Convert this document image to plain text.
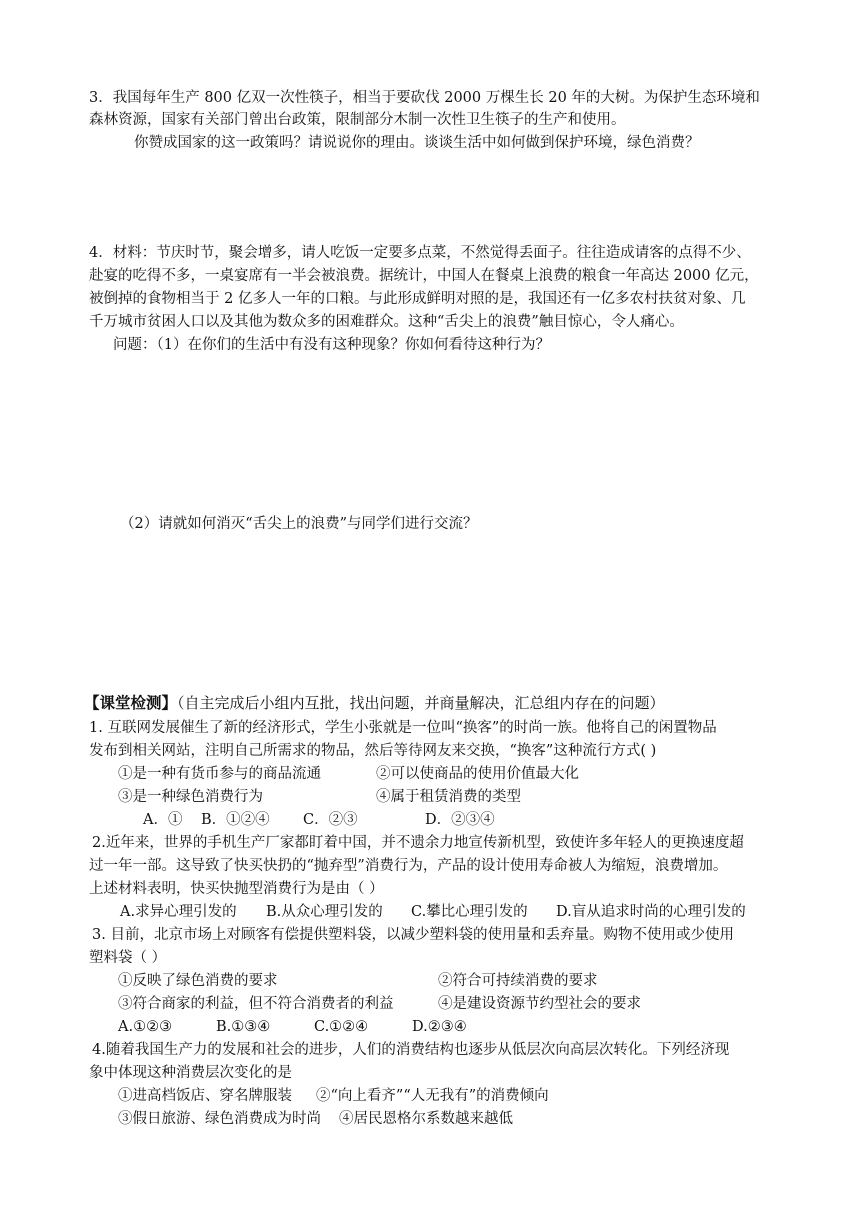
3．我国每年生产 800 亿双一次性筷子，相当于要砍伐 2000 万棵生长 20 年的大树。为保护生态环境和
森林资源，国家有关部门曾出台政策，限制部分木制一次性卫生筷子的生产和使用。
你赞成国家的这一政策吗？请说说你的理由。谈谈生活中如何做到保护环境，绿色消费？
4．材料：节庆时节，聚会增多，请人吃饭一定要多点菜，不然觉得丢面子。往往造成请客的点得不少、
赴宴的吃得不多，一桌宴席有一半会被浪费。据统计，中国人在餐桌上浪费的粮食一年高达 2000 亿元，
被倒掉的食物相当于 2 亿多人一年的口粮。与此形成鲜明对照的是，我国还有一亿多农村扶贫对象、几
千万城市贫困人口以及其他为数众多的困难群众。这种“舌尖上的浪费”触目惊心，令人痛心。
问题：（1）在你们的生活中有没有这种现象？你如何看待这种行为？
（2）请就如何消灭“舌尖上的浪费”与同学们进行交流？
【课堂检测】（自主完成后小组内互批，找出问题，并商量解决，汇总组内存在的问题）
1. 互联网发展催生了新的经济形式，学生小张就是一位叫“换客”的时尚一族。他将自己的闲置物品
发布到相关网站，注明自己所需求的物品，然后等待网友来交换，“换客”这种流行方式( )
①是一种有货币参与的商品流通	②可以使商品的使用价值最大化
③是一种绿色消费行为	④属于租赁消费的类型
A．① B．①②④ C．②③	D．②③④
2.近年来，世界的手机生产厂家都盯着中国，并不遗余力地宣传新机型，致使许多年轻人的更换速度超
过一年一部。这导致了快买快扔的“抛弃型”消费行为，产品的设计使用寿命被人为缩短，浪费增加。
上述材料表明，快买快抛型消费行为是由（ ）
A.求异心理引发的 B.从众心理引发的 C.攀比心理引发的 D.盲从追求时尚的心理引发的
3. 目前，北京市场上对顾客有偿提供塑料袋，以减少塑料袋的使用量和丢弃量。购物不使用或少使用
塑料袋（ ）
①反映了绿色消费的要求	②符合可持续消费的要求
③符合商家的利益，但不符合消费者的利益	④是建设资源节约型社会的要求
A.①②③	B.①③④	C.①②④	D.②③④
4.随着我国生产力的发展和社会的进步，人们的消费结构也逐步从低层次向高层次转化。下列经济现
象中体现这种消费层次变化的是
①进高档饭店、穿名牌服装 ②“向上看齐”“人无我有”的消费倾向
③假日旅游、绿色消费成为时尚 ④居民恩格尔系数越来越低
